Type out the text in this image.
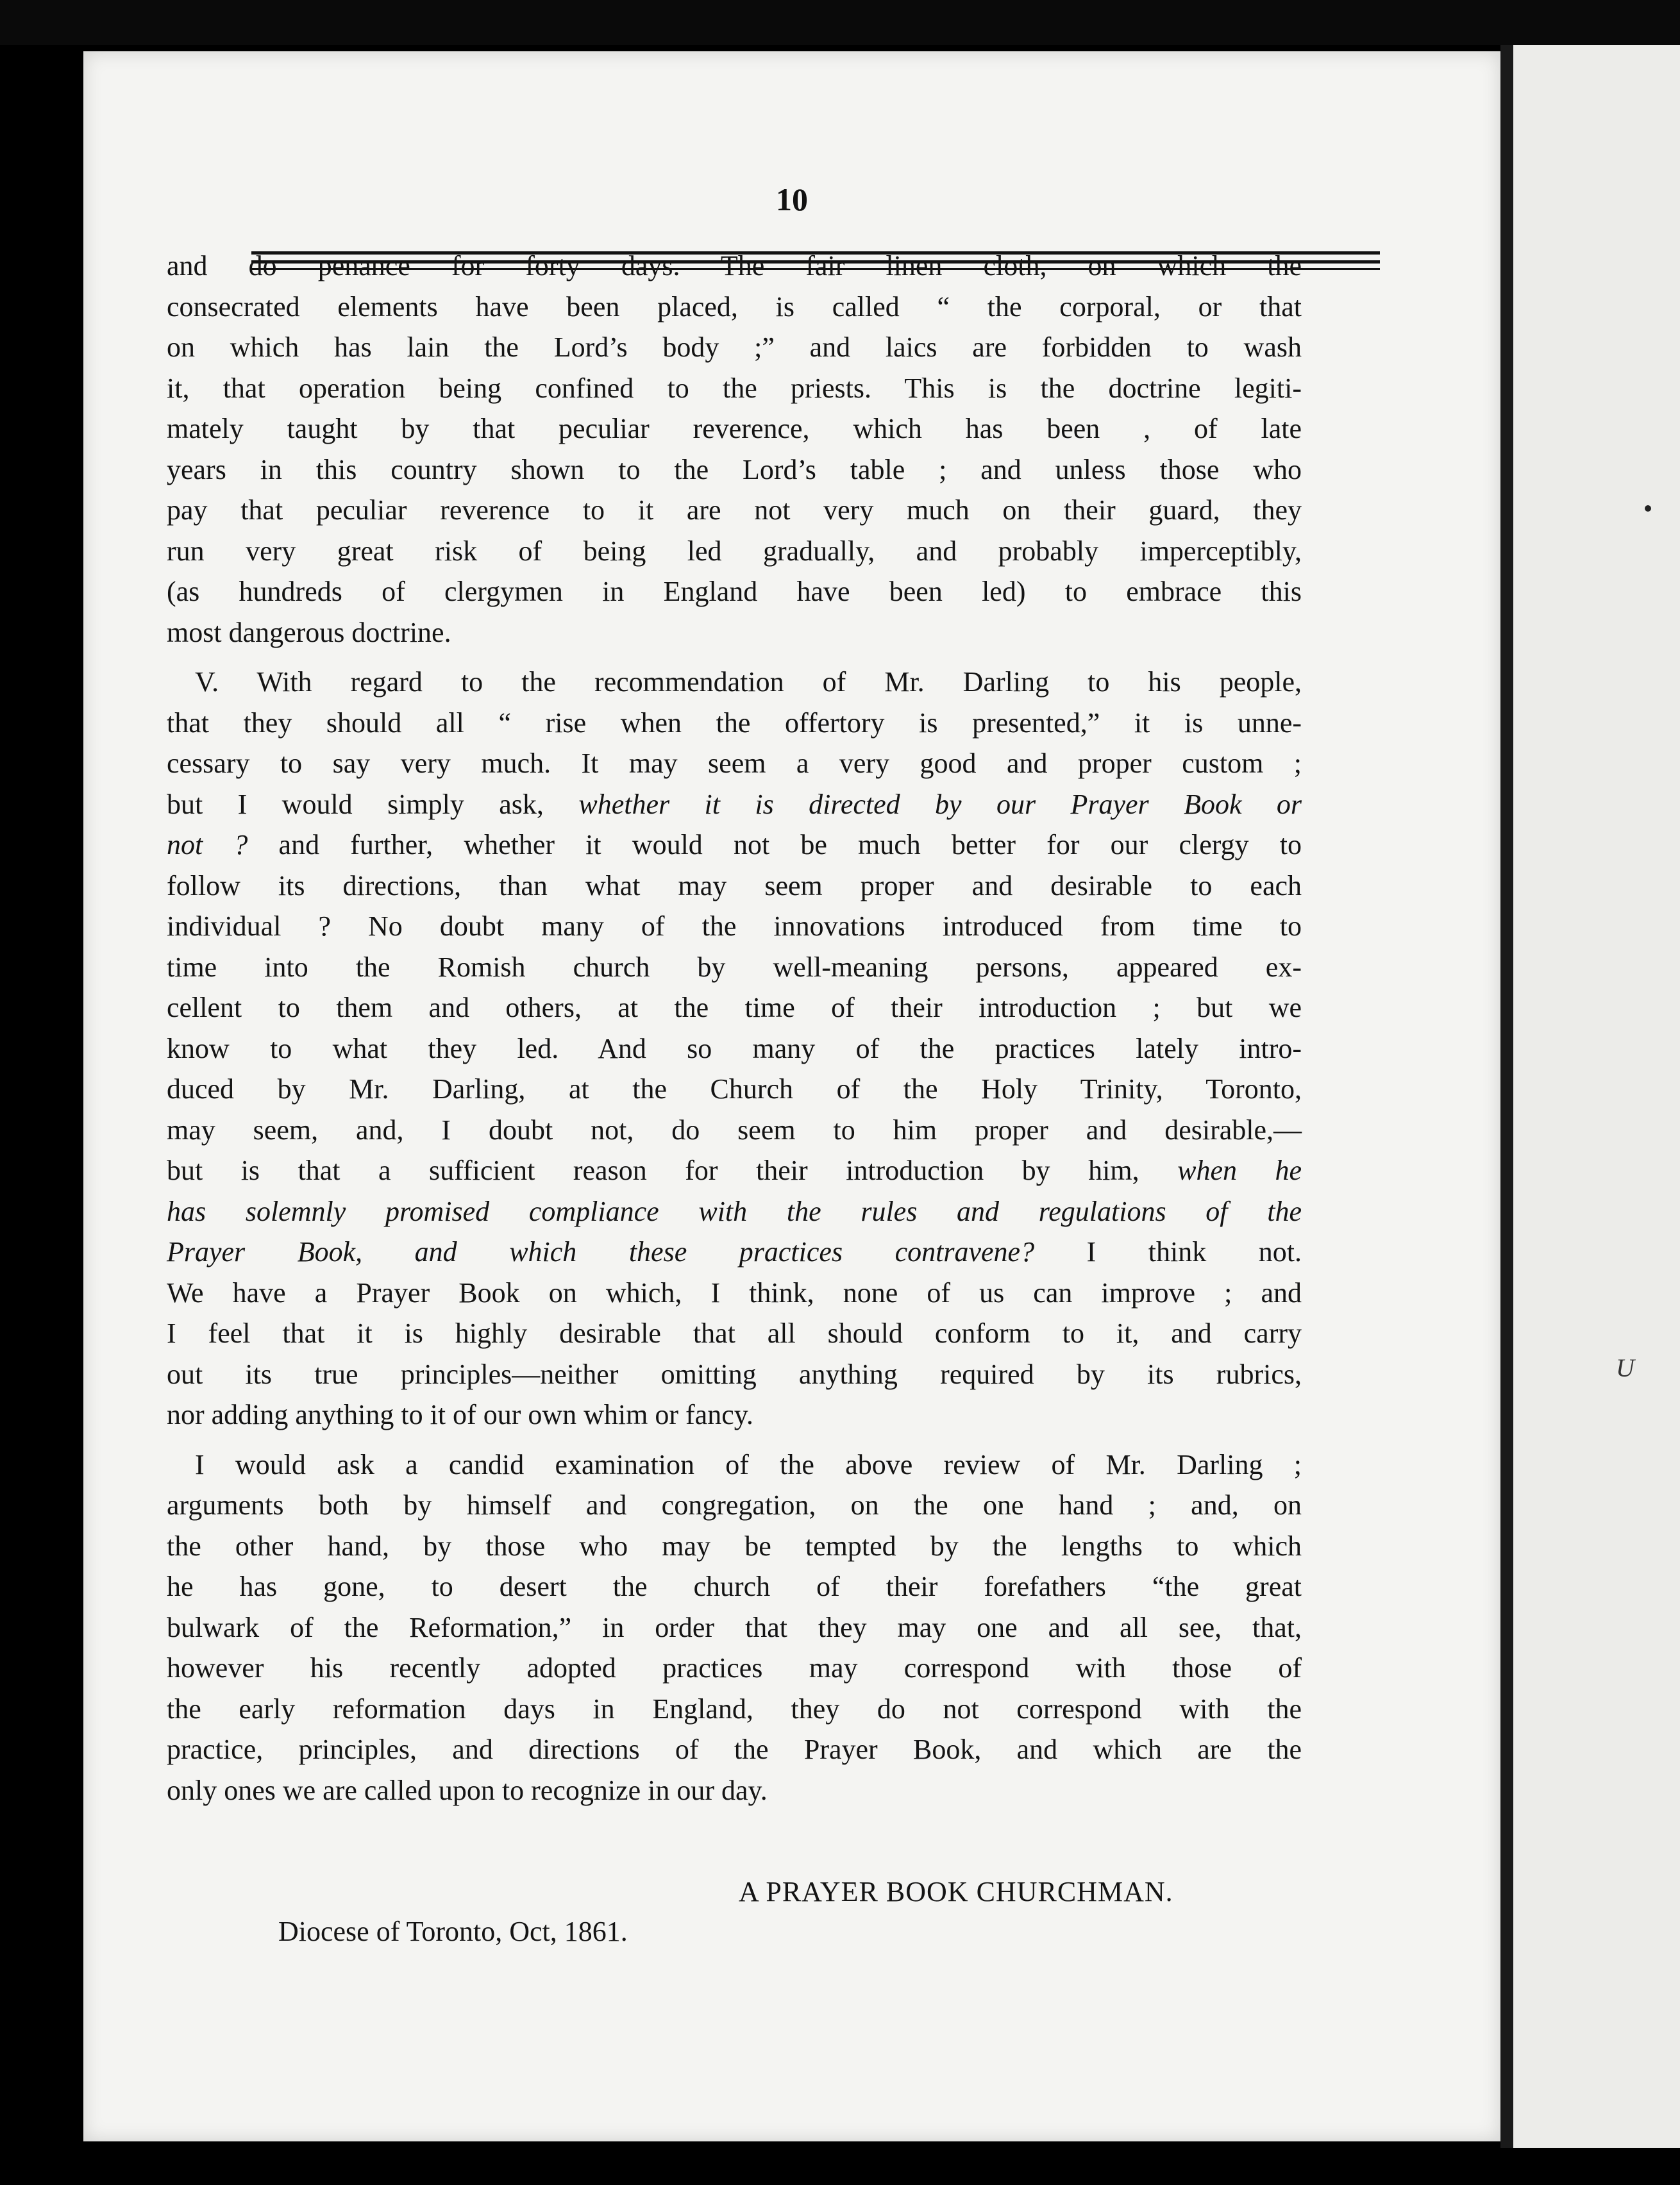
10
and do penance for forty days. The fair linen cloth, on which the
consecrated elements have been placed, is called “ the corporal, or that
on which has lain the Lord’s body ;” and laics are forbidden to wash
it, that operation being confined to the priests. This is the doctrine legiti-
mately taught by that peculiar reverence, which has been , of late
years in this country shown to the Lord’s table ; and unless those who
pay that peculiar reverence to it are not very much on their guard, they
run very great risk of being led gradually, and probably imperceptibly,
(as hundreds of clergymen in England have been led) to embrace this
most dangerous doctrine.
V. With regard to the recommendation of Mr. Darling to his people,
that they should all “ rise when the offertory is presented,” it is unne-
cessary to say very much. It may seem a very good and proper custom ;
but I would simply ask, whether it is directed by our Prayer Book or
not ? and further, whether it would not be much better for our clergy to
follow its directions, than what may seem proper and desirable to each
individual ? No doubt many of the innovations introduced from time to
time into the Romish church by well-meaning persons, appeared ex-
cellent to them and others, at the time of their introduction ; but we
know to what they led. And so many of the practices lately intro-
duced by Mr. Darling, at the Church of the Holy Trinity, Toronto,
may seem, and, I doubt not, do seem to him proper and desirable,—
but is that a sufficient reason for their introduction by him, when he
has solemnly promised compliance with the rules and regulations of the
Prayer Book, and which these practices contravene? I think not.
We have a Prayer Book on which, I think, none of us can improve ; and
I feel that it is highly desirable that all should conform to it, and carry
out its true principles—neither omitting anything required by its rubrics,
nor adding anything to it of our own whim or fancy.
I would ask a candid examination of the above review of Mr. Darling ;
arguments both by himself and congregation, on the one hand ; and, on
the other hand, by those who may be tempted by the lengths to which
he has gone, to desert the church of their forefathers “the great
bulwark of the Reformation,” in order that they may one and all see, that,
however his recently adopted practices may correspond with those of
the early reformation days in England, they do not correspond with the
practice, principles, and directions of the Prayer Book, and which are the
only ones we are called upon to recognize in our day.
A PRAYER BOOK CHURCHMAN.
Diocese of Toronto, Oct, 1861.
U
